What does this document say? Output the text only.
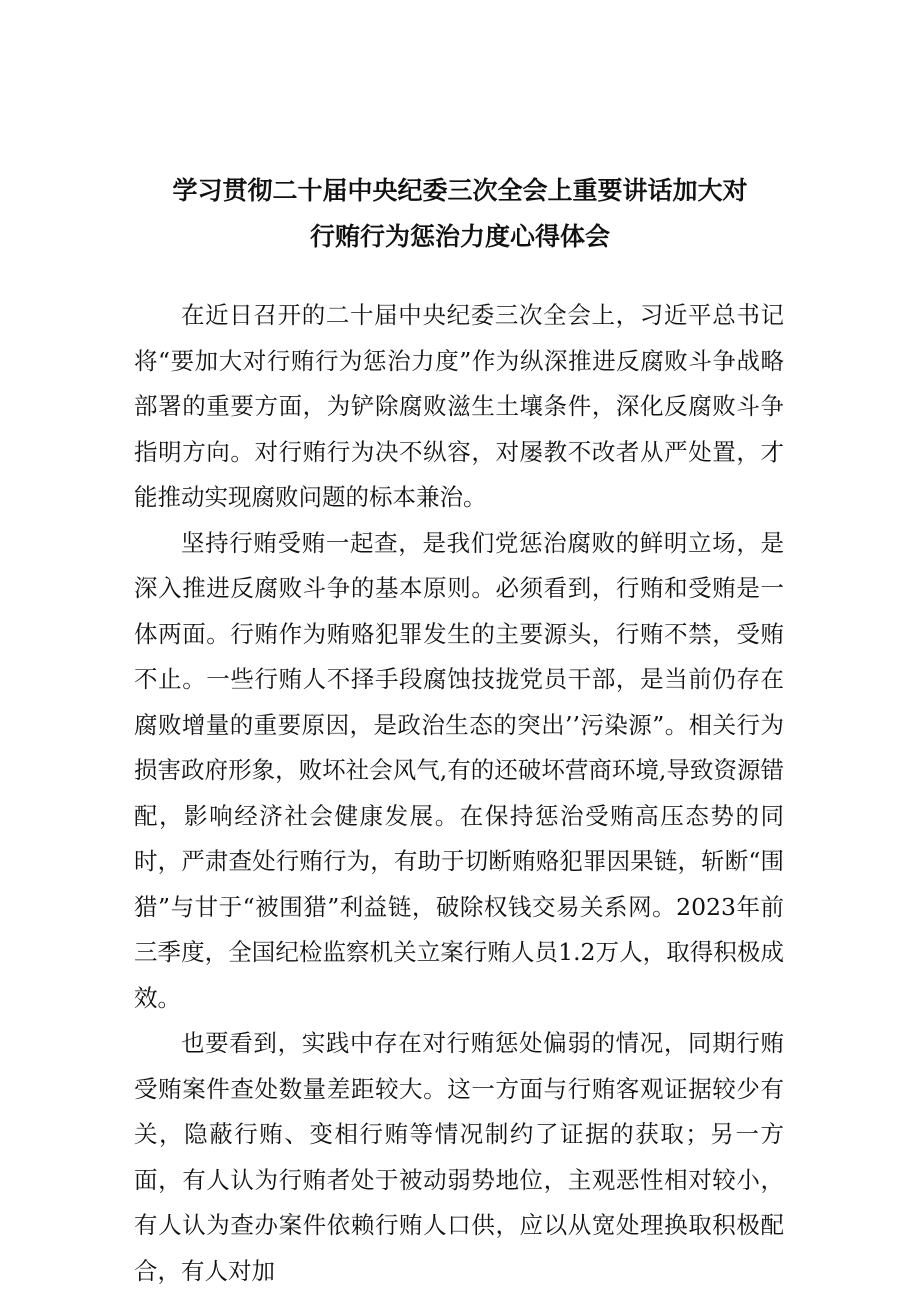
学习贯彻二十届中央纪委三次全会上重要讲话加大对
行贿行为惩治力度心得体会

在近日召开的二十届中央纪委三次全会上，习近平总书记将“要加大对行贿行为惩治力度”作为纵深推进反腐败斗争战略部署的重要方面，为铲除腐败滋生土壤条件，深化反腐败斗争指明方向。对行贿行为决不纵容，对屡教不改者从严处置，才能推动实现腐败问题的标本兼治。

坚持行贿受贿一起查，是我们党惩治腐败的鲜明立场，是深入推进反腐败斗争的基本原则。必须看到，行贿和受贿是一体两面。行贿作为贿赂犯罪发生的主要源头，行贿不禁，受贿不止。一些行贿人不择手段腐蚀技拢党员干部，是当前仍存在腐败增量的重要原因，是政治生态的突出’’污染源”。相关行为损害政府形象，败坏社会风气,有的还破坏营商环境,导致资源错配，影响经济社会健康发展。在保持惩治受贿高压态势的同时，严肃查处行贿行为，有助于切断贿赂犯罪因果链，斩断“围猎”与甘于“被围猎”利益链，破除权钱交易关系网。2023年前三季度，全国纪检监察机关立案行贿人员1.2万人，取得积极成效。

也要看到，实践中存在对行贿惩处偏弱的情况，同期行贿受贿案件查处数量差距较大。这一方面与行贿客观证据较少有关，隐蔽行贿、变相行贿等情况制约了证据的获取；另一方面，有人认为行贿者处于被动弱势地位，主观恶性相对较小，有人认为查办案件依赖行贿人口供，应以从宽处理换取积极配合，有人对加
